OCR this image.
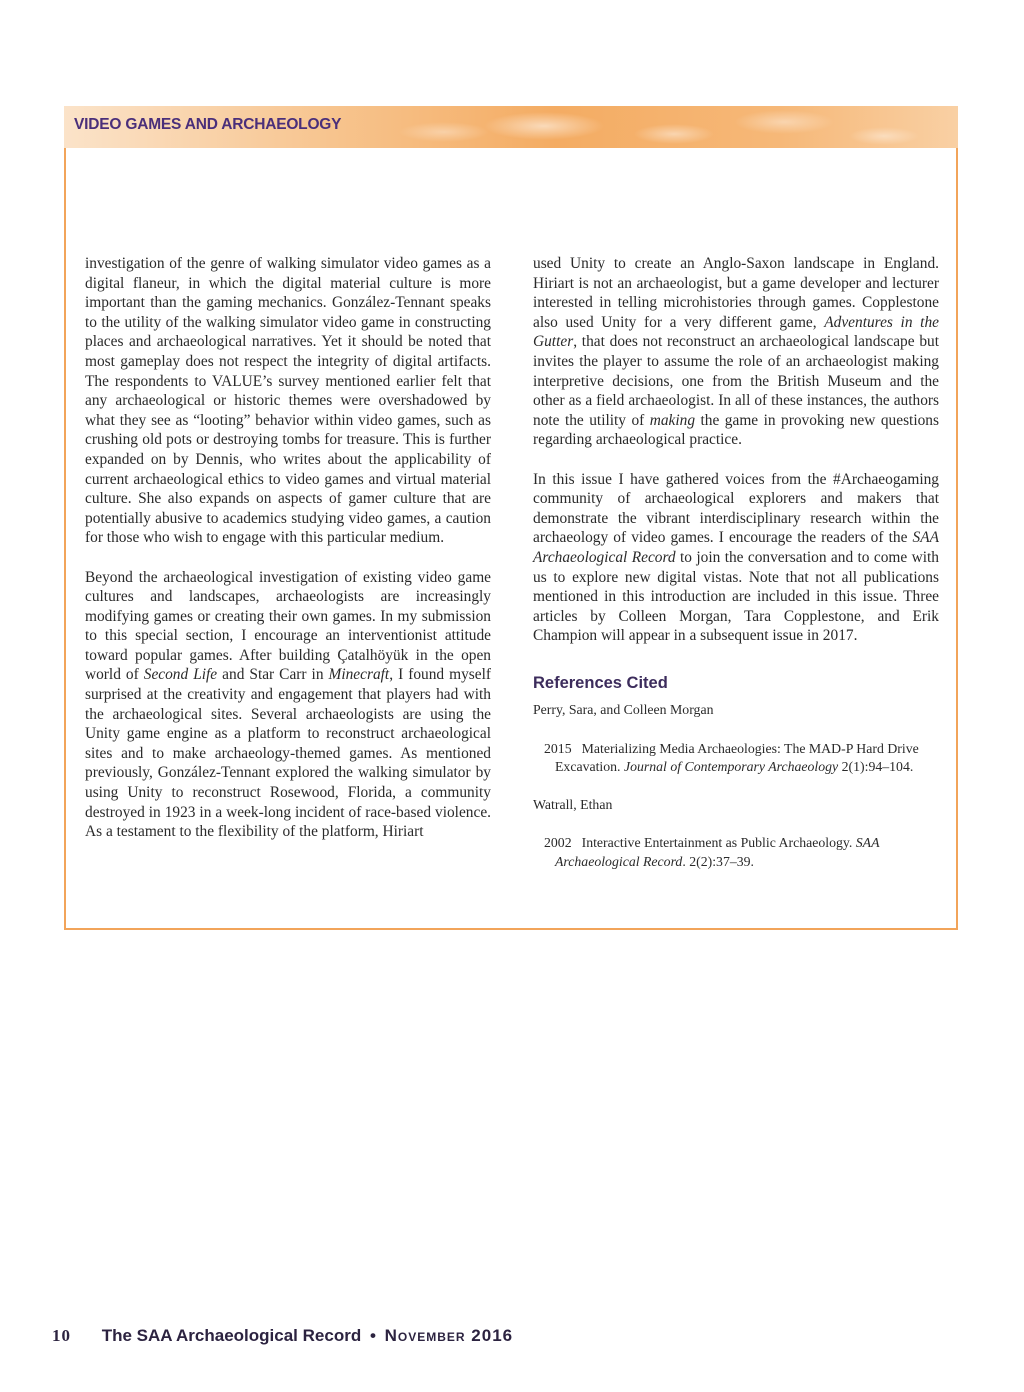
VIDEO GAMES AND ARCHAEOLOGY

investigation of the genre of walking simulator video games as a digital flaneur, in which the digital material culture is more important than the gaming mechanics. González-Tennant speaks to the utility of the walking simulator video game in constructing places and archaeological narratives. Yet it should be noted that most gameplay does not respect the integrity of digital artifacts. The respondents to VALUE’s survey mentioned earlier felt that any archaeological or historic themes were overshadowed by what they see as “looting” behavior within video games, such as crushing old pots or destroying tombs for treasure. This is further expanded on by Dennis, who writes about the applicability of current archaeological ethics to video games and virtual material culture. She also expands on aspects of gamer culture that are potentially abusive to academics studying video games, a caution for those who wish to engage with this particular medium.

Beyond the archaeological investigation of existing video game cultures and landscapes, archaeologists are increasingly modifying games or creating their own games. In my submission to this special section, I encourage an interventionist attitude toward popular games. After building Çatalhöyük in the open world of Second Life and Star Carr in Minecraft, I found myself surprised at the creativity and engagement that players had with the archaeological sites. Several archaeologists are using the Unity game engine as a platform to reconstruct archaeological sites and to make archaeology-themed games. As mentioned previously, González-Tennant explored the walking simulator by using Unity to reconstruct Rosewood, Florida, a community destroyed in 1923 in a week-long incident of race-based violence. As a testament to the flexibility of the platform, Hiriart

used Unity to create an Anglo-Saxon landscape in England. Hiriart is not an archaeologist, but a game developer and lecturer interested in telling microhistories through games. Copplestone also used Unity for a very different game, Adventures in the Gutter, that does not reconstruct an archaeological landscape but invites the player to assume the role of an archaeologist making interpretive decisions, one from the British Museum and the other as a field archaeologist. In all of these instances, the authors note the utility of making the game in provoking new questions regarding archaeological practice.

In this issue I have gathered voices from the #Archaeogaming community of archaeological explorers and makers that demonstrate the vibrant interdisciplinary research within the archaeology of video games. I encourage the readers of the SAA Archaeological Record to join the conversation and to come with us to explore new digital vistas. Note that not all publications mentioned in this introduction are included in this issue. Three articles by Colleen Morgan, Tara Copplestone, and Erik Champion will appear in a subsequent issue in 2017.

References Cited

Perry, Sara, and Colleen Morgan

2015 Materializing Media Archaeologies: The MAD-P Hard Drive Excavation. Journal of Contemporary Archaeology 2(1):94–104.

Watrall, Ethan

2002 Interactive Entertainment as Public Archaeology. SAA Archaeological Record. 2(2):37–39.

10 The SAA Archaeological Record • November 2016
